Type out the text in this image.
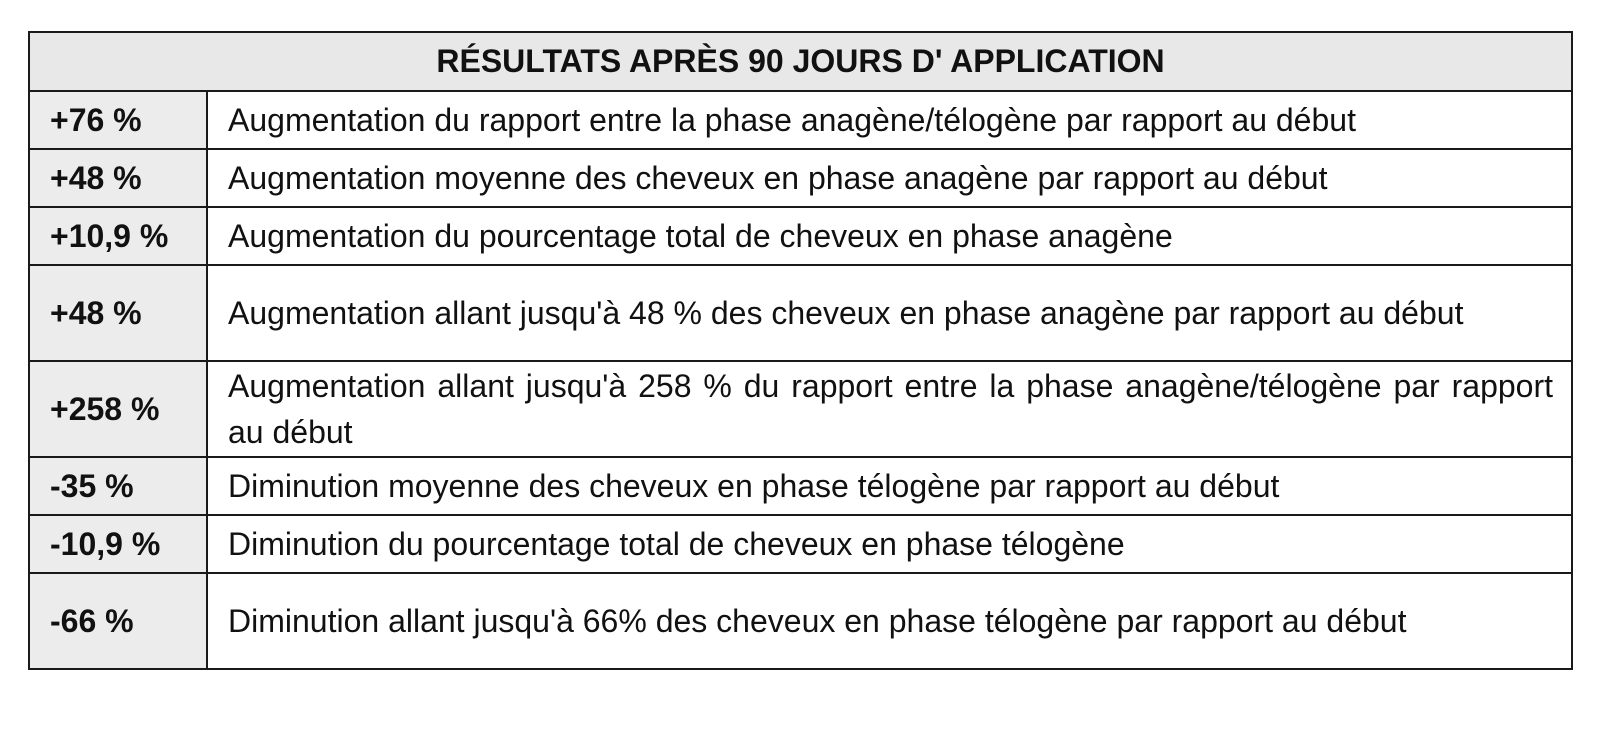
RÉSULTATS APRÈS 90 JOURS D' APPLICATION	
+76 %	Augmentation du rapport entre la phase anagène/télogène par rapport au début
+48 %	Augmentation moyenne des cheveux en phase anagène par rapport au début
+10,9 %	Augmentation du pourcentage total de cheveux en phase anagène
+48 %	Augmentation allant jusqu'à 48 % des cheveux en phase anagène par rapport au début
+258 %	Augmentation allant jusqu'à 258 % du rapport entre la phase anagène/télogène par rapport au début
-35 %	Diminution moyenne des cheveux en phase télogène par rapport au début
-10,9 %	Diminution du pourcentage total de cheveux en phase télogène
-66 %	Diminution allant jusqu'à 66% des cheveux en phase télogène par rapport au début
